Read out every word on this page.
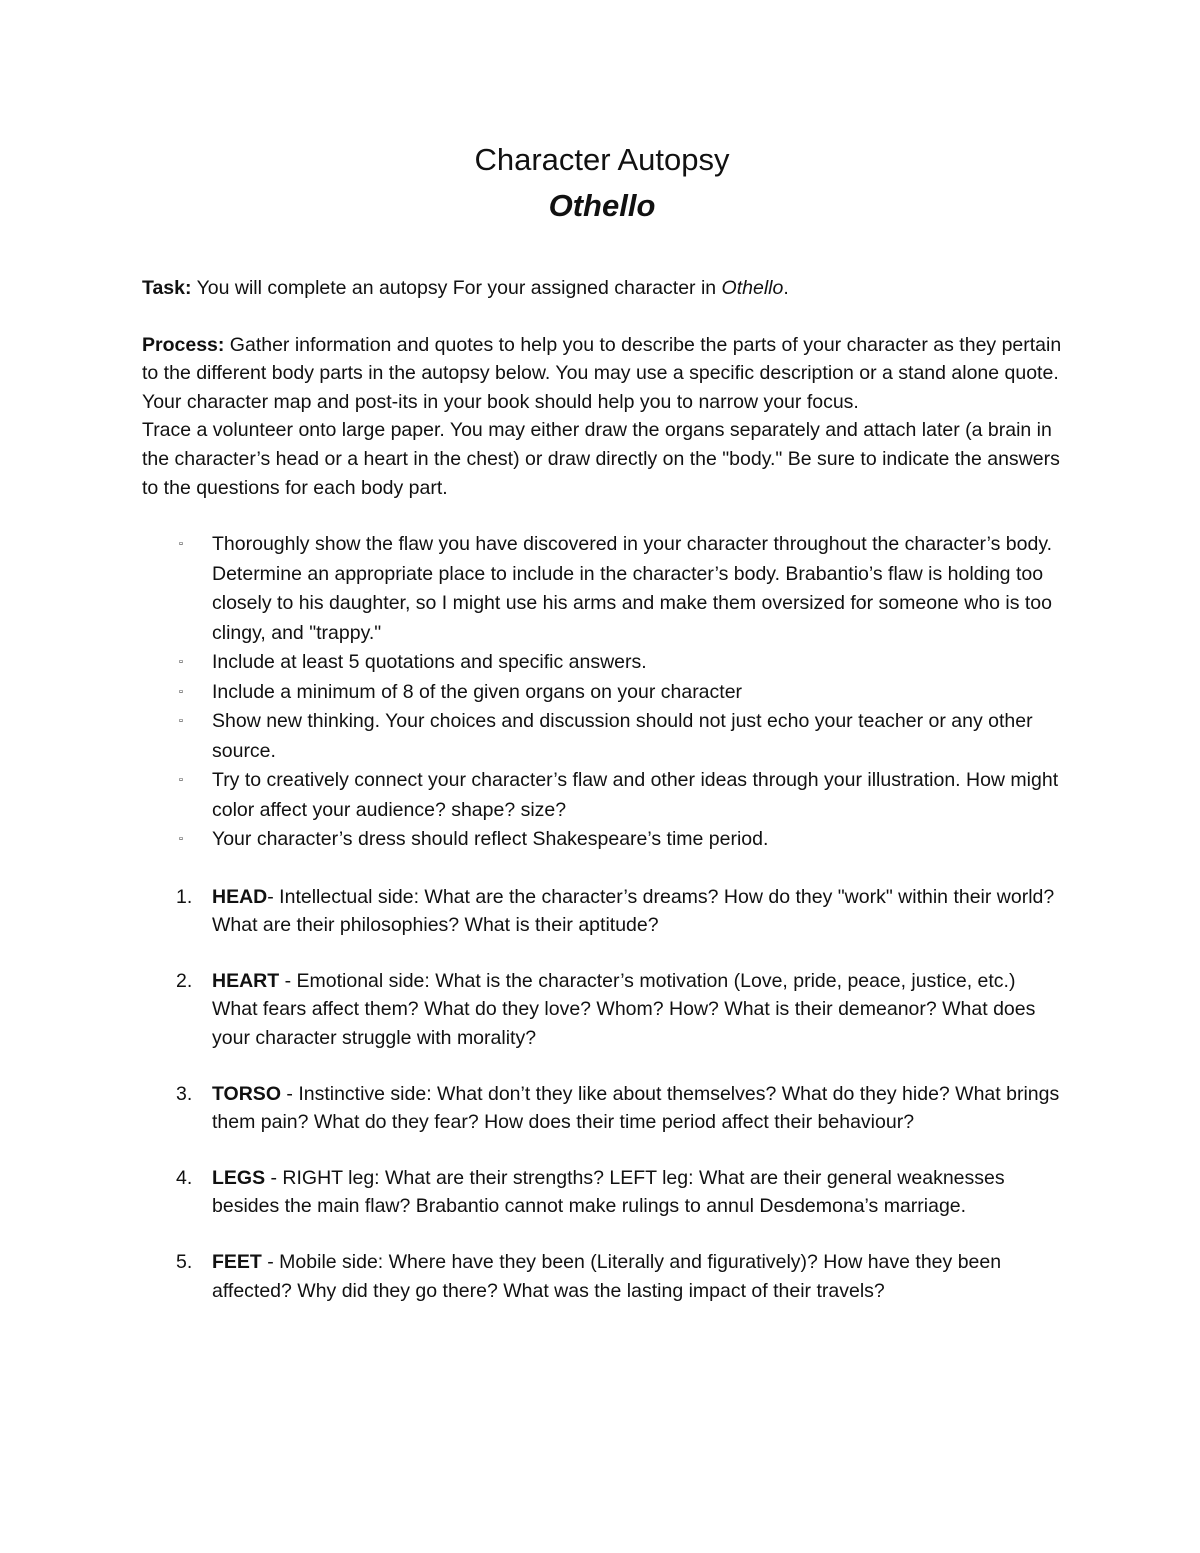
Character Autopsy
Othello

Task: You will complete an autopsy For your assigned character in Othello.

Process: Gather information and quotes to help you to describe the parts of your character as they pertain to the different body parts in the autopsy below. You may use a specific description or a stand alone quote. Your character map and post-its in your book should help you to narrow your focus.

Trace a volunteer onto large paper. You may either draw the organs separately and attach later (a brain in the character’s head or a heart in the chest) or draw directly on the "body." Be sure to indicate the answers to the questions for each body part.

▫ Thoroughly show the flaw you have discovered in your character throughout the character’s body. Determine an appropriate place to include in the character’s body. Brabantio’s flaw is holding too closely to his daughter, so I might use his arms and make them oversized for someone who is too clingy, and "trappy."
▫ Include at least 5 quotations and specific answers.
▫ Include a minimum of 8 of the given organs on your character
▫ Show new thinking. Your choices and discussion should not just echo your teacher or any other source.
▫ Try to creatively connect your character’s flaw and other ideas through your illustration. How might color affect your audience? shape? size?
▫ Your character’s dress should reflect Shakespeare’s time period.
1. HEAD- Intellectual side: What are the character’s dreams? How do they "work" within their world? What are their philosophies? What is their aptitude?
2. HEART - Emotional side: What is the character’s motivation (Love, pride, peace, justice, etc.) What fears affect them? What do they love? Whom? How? What is their demeanor? What does your character struggle with morality?
3. TORSO - Instinctive side: What don’t they like about themselves? What do they hide? What brings them pain? What do they fear? How does their time period affect their behaviour?
4. LEGS - RIGHT leg: What are their strengths? LEFT leg: What are their general weaknesses besides the main flaw? Brabantio cannot make rulings to annul Desdemona’s marriage.
5. FEET - Mobile side: Where have they been (Literally and figuratively)? How have they been affected? Why did they go there? What was the lasting impact of their travels?
